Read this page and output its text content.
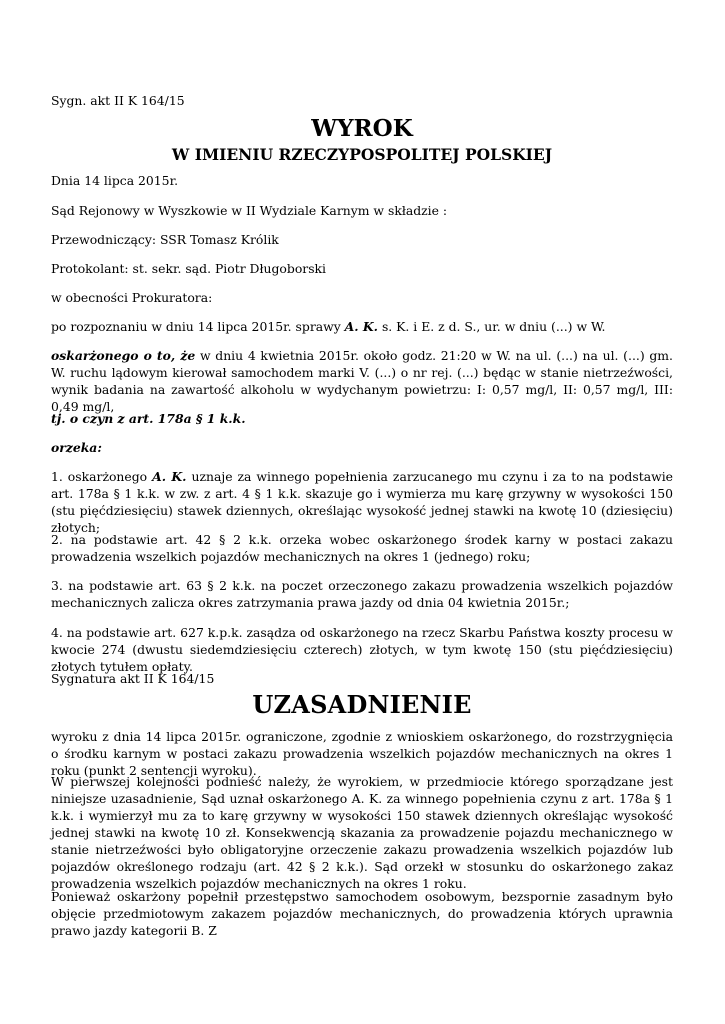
Sygn. akt II K 164/15

WYROK
W IMIENIU RZECZYPOSPOLITEJ POLSKIEJ

Dnia 14 lipca 2015r.

Sąd Rejonowy w Wyszkowie w II Wydziale Karnym w składzie :

Przewodniczący: SSR Tomasz Królik

Protokolant: st. sekr. sąd. Piotr Długoborski

w obecności Prokuratora:

po rozpoznaniu w dniu 14 lipca 2015r. sprawy A. K. s. K. i E. z d. S., ur. w dniu (...) w W.

oskarżonego o to, że w dniu 4 kwietnia 2015r. około godz. 21:20 w W. na ul. (...) na ul. (...) gm. W. ruchu lądowym kierował samochodem marki V. (...) o nr rej. (...) będąc w stanie nietrzeźwości, wynik badania na zawartość alkoholu w wydychanym powietrzu: I: 0,57 mg/l, II: 0,57 mg/l, III: 0,49 mg/l,

tj. o czyn z art. 178a § 1 k.k.

orzeka:

1. oskarżonego A. K. uznaje za winnego popełnienia zarzucanego mu czynu i za to na podstawie art. 178a § 1 k.k. w zw. z art. 4 § 1 k.k. skazuje go i wymierza mu karę grzywny w wysokości 150 (stu pięćdziesięciu) stawek dziennych, określając wysokość jednej stawki na kwotę 10 (dziesięciu) złotych;

2. na podstawie art. 42 § 2 k.k. orzeka wobec oskarżonego środek karny w postaci zakazu prowadzenia wszelkich pojazdów mechanicznych na okres 1 (jednego) roku;

3. na podstawie art. 63 § 2 k.k. na poczet orzeczonego zakazu prowadzenia wszelkich pojazdów mechanicznych zalicza okres zatrzymania prawa jazdy od dnia 04 kwietnia 2015r.;

4. na podstawie art. 627 k.p.k. zasądza od oskarżonego na rzecz Skarbu Państwa koszty procesu w kwocie 274 (dwustu siedemdziesięciu czterech) złotych, w tym kwotę 150 (stu pięćdziesięciu) złotych tytułem opłaty.

Sygnatura akt II K 164/15

UZASADNIENIE

wyroku z dnia 14 lipca 2015r. ograniczone, zgodnie z wnioskiem oskarżonego, do rozstrzygnięcia o środku karnym w postaci zakazu prowadzenia wszelkich pojazdów mechanicznych na okres 1 roku (punkt 2 sentencji wyroku).

W pierwszej kolejności podnieść należy, że wyrokiem, w przedmiocie którego sporządzane jest niniejsze uzasadnienie, Sąd uznał oskarżonego A. K. za winnego popełnienia czynu z art. 178a § 1 k.k. i wymierzył mu za to karę grzywny w wysokości 150 stawek dziennych określając wysokość jednej stawki na kwotę 10 zł. Konsekwencją skazania za prowadzenie pojazdu mechanicznego w stanie nietrzeźwości było obligatoryjne orzeczenie zakazu prowadzenia wszelkich pojazdów lub pojazdów określonego rodzaju (art. 42 § 2 k.k.). Sąd orzekł w stosunku do oskarżonego zakaz prowadzenia wszelkich pojazdów mechanicznych na okres 1 roku.

Ponieważ oskarżony popełnił przestępstwo samochodem osobowym, bezspornie zasadnym było objęcie przedmiotowym zakazem pojazdów mechanicznych, do prowadzenia których uprawnia prawo jazdy kategorii B. Z
